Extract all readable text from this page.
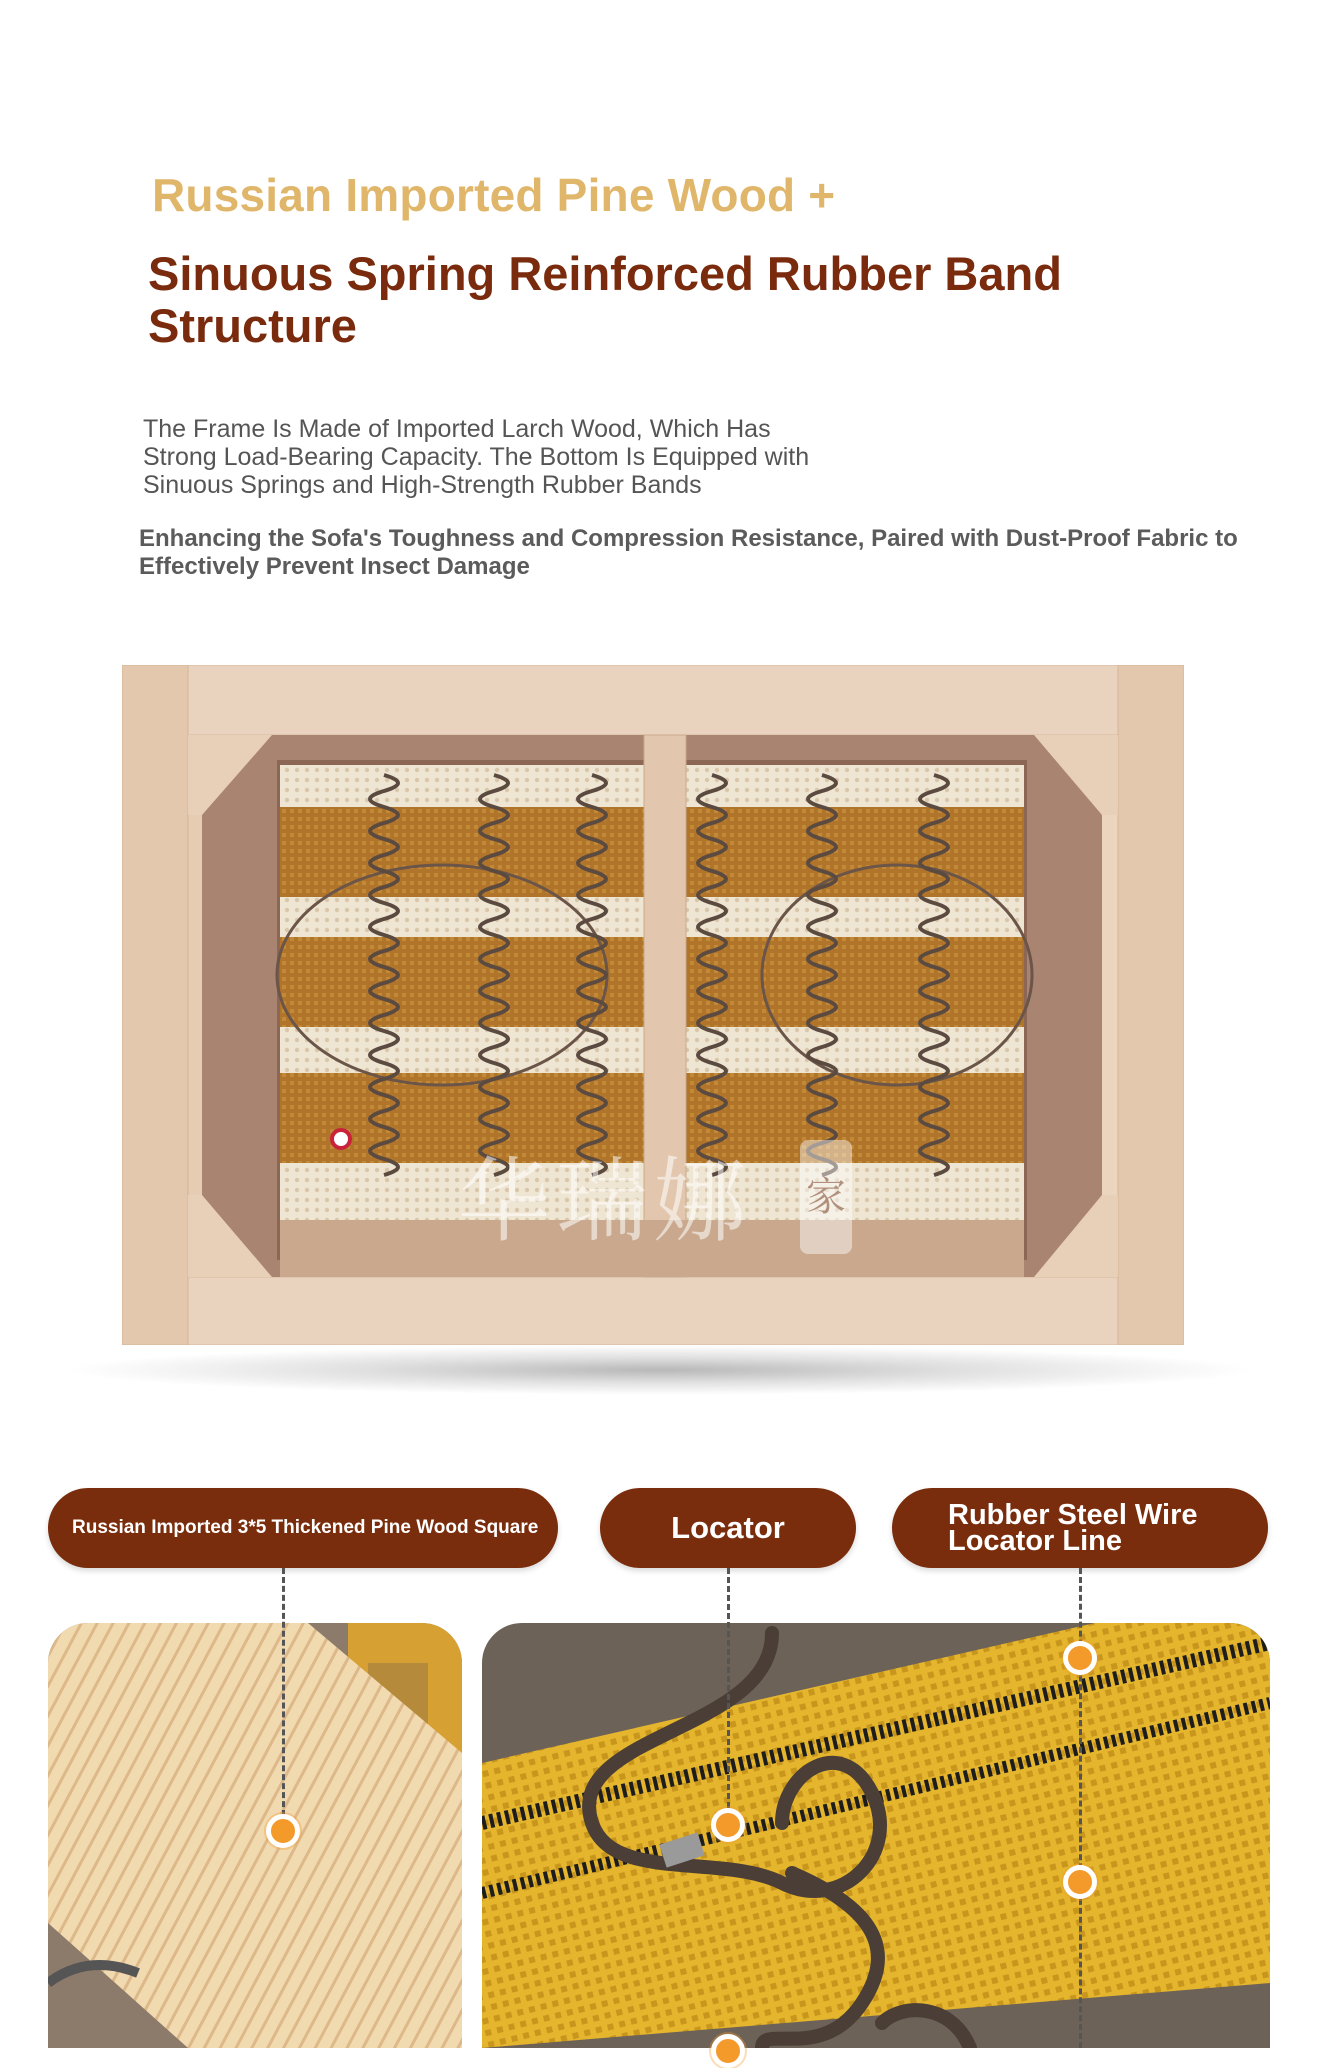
Russian Imported Pine Wood +
Sinuous Spring Reinforced Rubber Band Structure
The Frame Is Made of Imported Larch Wood, Which Has Strong Load-Bearing Capacity. The Bottom Is Equipped with Sinuous Springs and High-Strength Rubber Bands
Enhancing the Sofa's Toughness and Compression Resistance, Paired with Dust-Proof Fabric to Effectively Prevent Insect Damage
华瑞娜 家
Russian Imported 3*5 Thickened Pine Wood Square	Locator	Rubber Steel Wire Locator Line
